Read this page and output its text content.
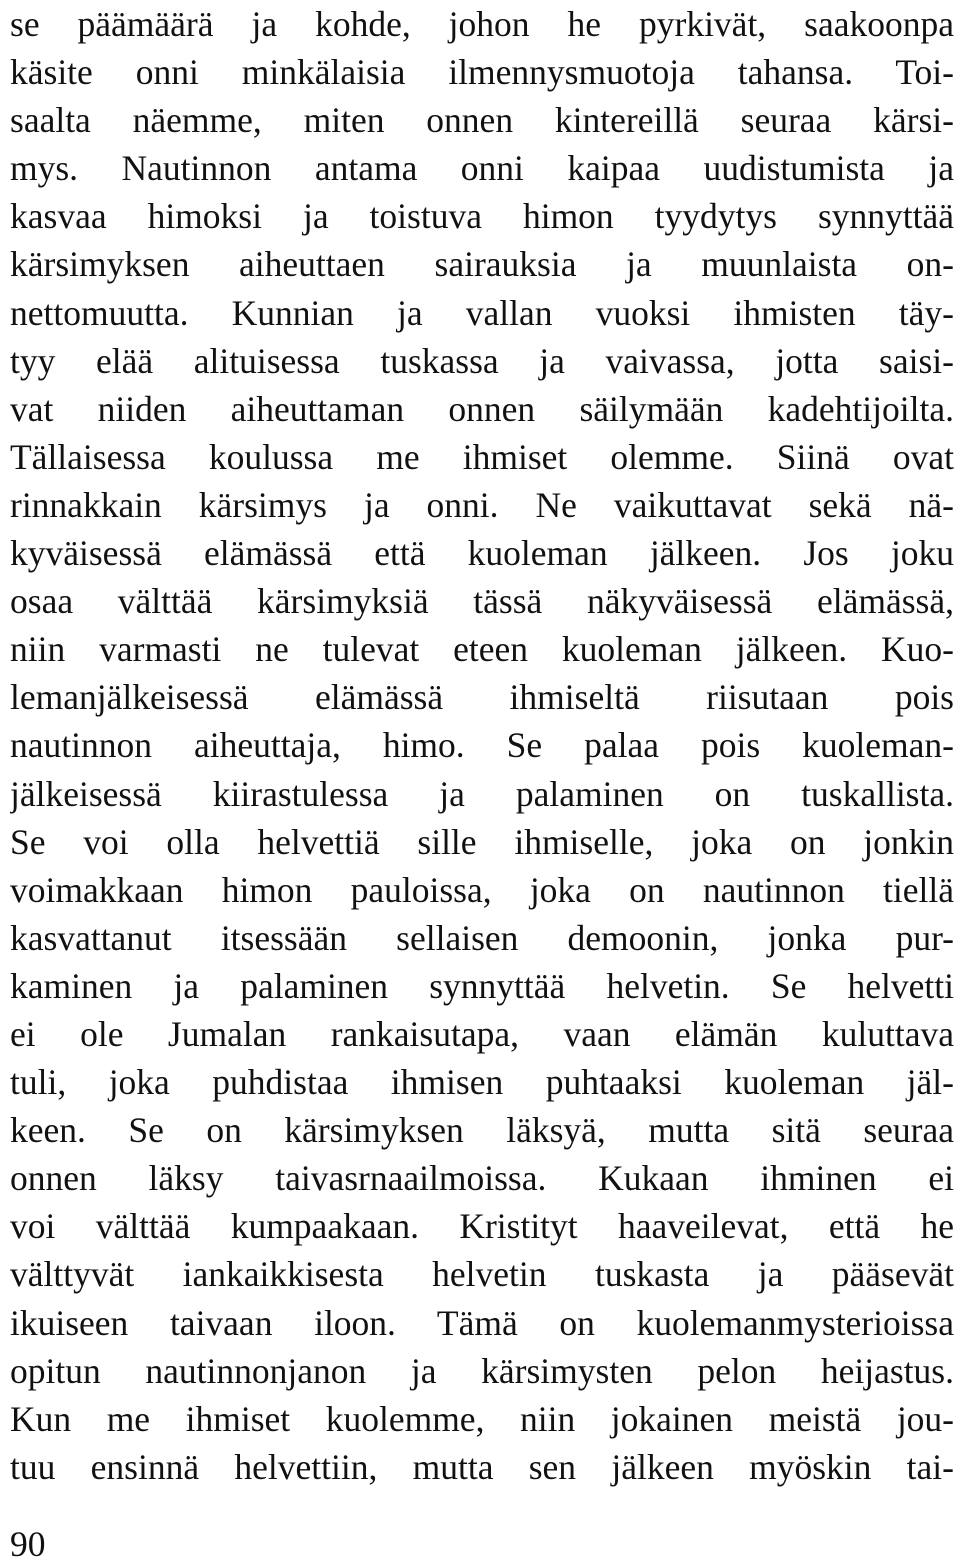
se päämäärä ja kohde, johon he pyrkivät, saakoonpa
käsite onni minkälaisia ilmennysmuotoja tahansa. Toi-
saalta näemme, miten onnen kintereillä seuraa kärsi-
mys. Nautinnon antama onni kaipaa uudistumista ja
kasvaa himoksi ja toistuva himon tyydytys synnyttää
kärsimyksen aiheuttaen sairauksia ja muunlaista on-
nettomuutta. Kunnian ja vallan vuoksi ihmisten täy-
tyy elää alituisessa tuskassa ja vaivassa, jotta saisi-
vat niiden aiheuttaman onnen säilymään kadehtijoilta.
Tällaisessa koulussa me ihmiset olemme. Siinä ovat
rinnakkain kärsimys ja onni. Ne vaikuttavat sekä nä-
kyväisessä elämässä että kuoleman jälkeen. Jos joku
osaa välttää kärsimyksiä tässä näkyväisessä elämässä,
niin varmasti ne tulevat eteen kuoleman jälkeen. Kuo-
lemanjälkeisessä elämässä ihmiseltä riisutaan pois
nautinnon aiheuttaja, himo. Se palaa pois kuoleman-
jälkeisessä kiirastulessa ja palaminen on tuskallista.
Se voi olla helvettiä sille ihmiselle, joka on jonkin
voimakkaan himon pauloissa, joka on nautinnon tiellä
kasvattanut itsessään sellaisen demoonin, jonka pur-
kaminen ja palaminen synnyttää helvetin. Se helvetti
ei ole Jumalan rankaisutapa, vaan elämän kuluttava
tuli, joka puhdistaa ihmisen puhtaaksi kuoleman jäl-
keen. Se on kärsimyksen läksyä, mutta sitä seuraa
onnen läksy taivasrnaailmoissa. Kukaan ihminen ei
voi välttää kumpaakaan. Kristityt haaveilevat, että he
välttyvät iankaikkisesta helvetin tuskasta ja pääsevät
ikuiseen taivaan iloon. Tämä on kuolemanmysterioissa
opitun nautinnonjanon ja kärsimysten pelon heijastus.
Kun me ihmiset kuolemme, niin jokainen meistä jou-
tuu ensinnä helvettiin, mutta sen jälkeen myöskin tai-
90
